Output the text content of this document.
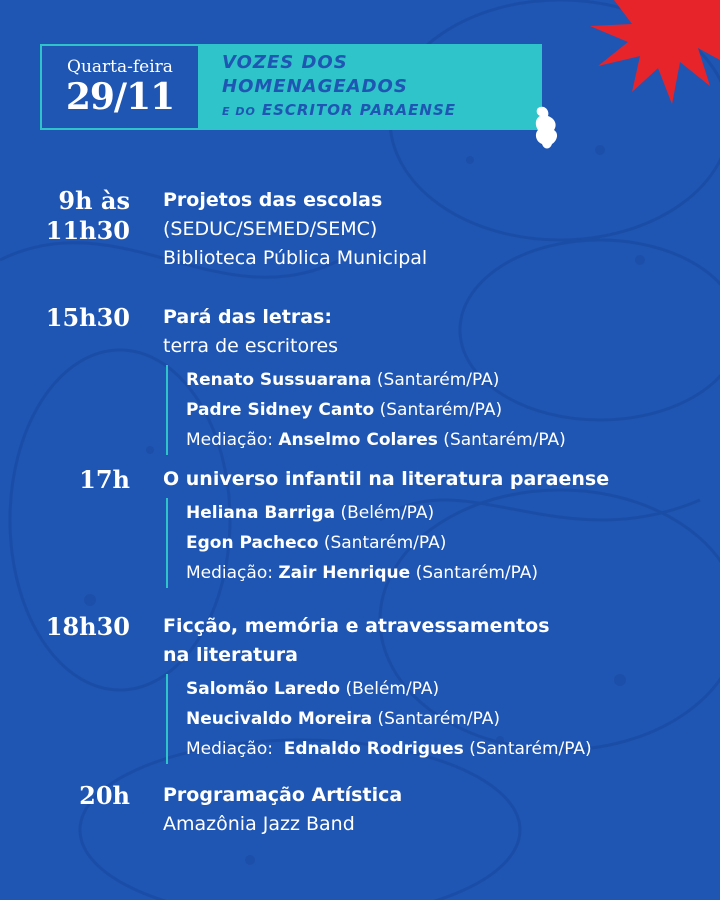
Quarta-feira
29/11
VOZES DOS HOMENAGEADOS
E DO ESCRITOR PARAENSE
9h às
11h30
Projetos das escolas
(SEDUC/SEMED/SEMC)
Biblioteca Pública Municipal
15h30 Pará das letras:
terra de escritores
Renato Sussuarana (Santarém/PA)
Padre Sidney Canto (Santarém/PA)
Mediação: Anselmo Colares (Santarém/PA)
17h O universo infantil na literatura paraense
Heliana Barriga (Belém/PA)
Egon Pacheco (Santarém/PA)
Mediação: Zair Henrique (Santarém/PA)
18h30 Ficção, memória e atravessamentos
na literatura
Salomão Laredo (Belém/PA)
Neucivaldo Moreira (Santarém/PA)
Mediação:  Ednaldo Rodrigues (Santarém/PA)
20h Programação Artística
Amazônia Jazz Band
